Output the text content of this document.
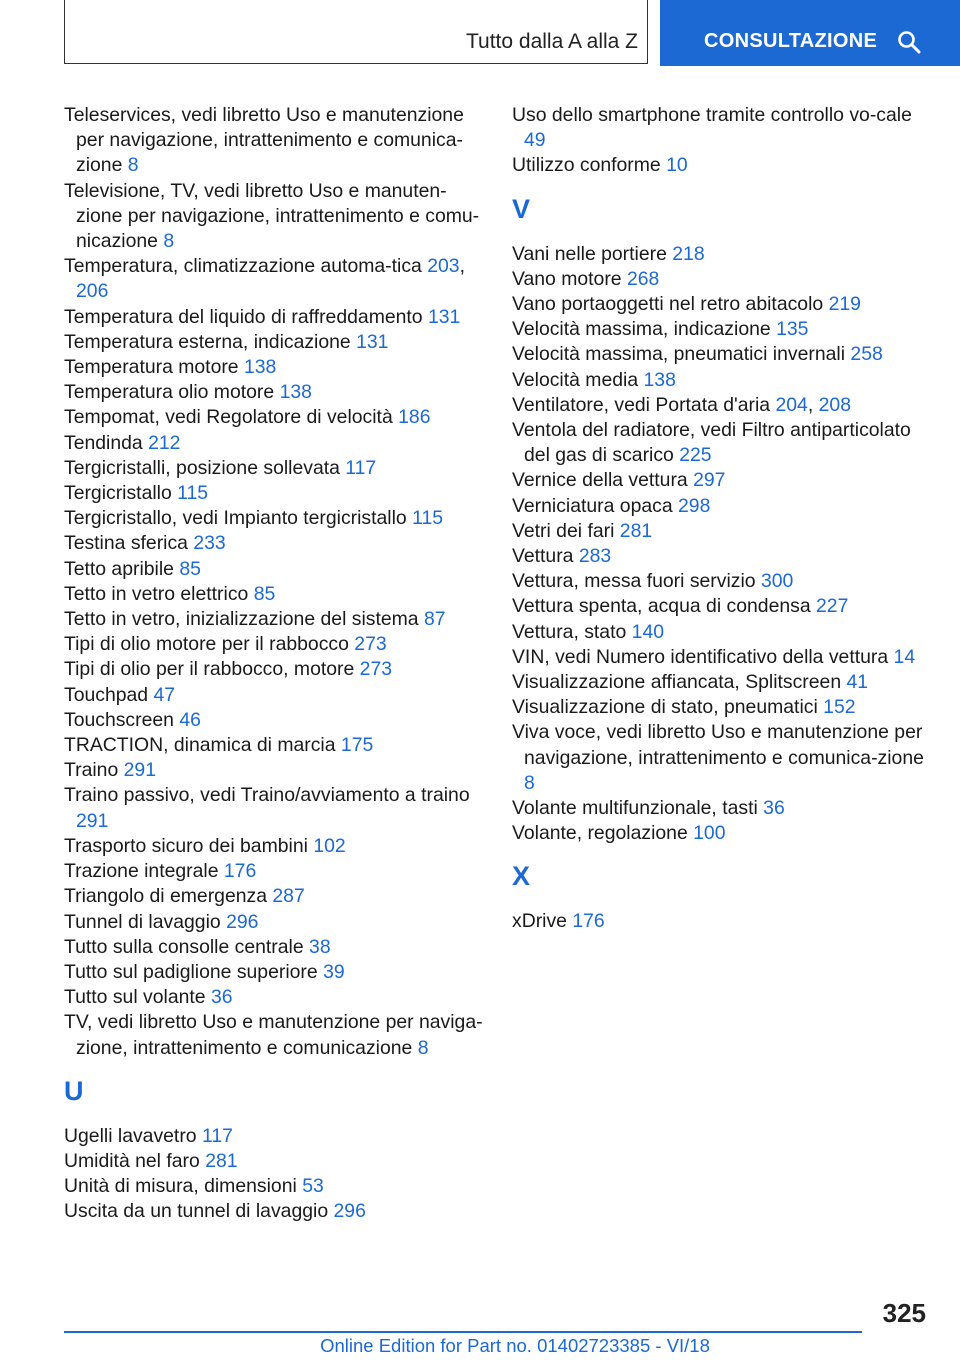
Tutto dalla A alla Z	CONSULTAZIONE
Teleservices, vedi libretto Uso e manutenzione per navigazione, intrattenimento e comunica‐zione 8
Televisione, TV, vedi libretto Uso e manuten‐zione per navigazione, intrattenimento e comu‐nicazione 8
Temperatura, climatizzazione automa‐tica 203, 206
Temperatura del liquido di raffreddamento 131
Temperatura esterna, indicazione 131
Temperatura motore 138
Temperatura olio motore 138
Tempomat, vedi Regolatore di velocità 186
Tendinda 212
Tergicristalli, posizione sollevata 117
Tergicristallo 115
Tergicristallo, vedi Impianto tergicristallo 115
Testina sferica 233
Tetto apribile 85
Tetto in vetro elettrico 85
Tetto in vetro, inizializzazione del sistema 87
Tipi di olio motore per il rabbocco 273
Tipi di olio per il rabbocco, motore 273
Touchpad 47
Touchscreen 46
TRACTION, dinamica di marcia 175
Traino 291
Traino passivo, vedi Traino/avviamento a traino 291
Trasporto sicuro dei bambini 102
Trazione integrale 176
Triangolo di emergenza 287
Tunnel di lavaggio 296
Tutto sulla consolle centrale 38
Tutto sul padiglione superiore 39
Tutto sul volante 36
TV, vedi libretto Uso e manutenzione per naviga‐zione, intrattenimento e comunicazione 8
U
Ugelli lavavetro 117
Umidità nel faro 281
Unità di misura, dimensioni 53
Uscita da un tunnel di lavaggio 296
Uso dello smartphone tramite controllo vo‐cale 49
Utilizzo conforme 10
V
Vani nelle portiere 218
Vano motore 268
Vano portaoggetti nel retro abitacolo 219
Velocità massima, indicazione 135
Velocità massima, pneumatici invernali 258
Velocità media 138
Ventilatore, vedi Portata d'aria 204, 208
Ventola del radiatore, vedi Filtro antiparticolato del gas di scarico 225
Vernice della vettura 297
Verniciatura opaca 298
Vetri dei fari 281
Vettura 283
Vettura, messa fuori servizio 300
Vettura spenta, acqua di condensa 227
Vettura, stato 140
VIN, vedi Numero identificativo della vettura 14
Visualizzazione affiancata, Splitscreen 41
Visualizzazione di stato, pneumatici 152
Viva voce, vedi libretto Uso e manutenzione per navigazione, intrattenimento e comunica‐zione 8
Volante multifunzionale, tasti 36
Volante, regolazione 100
X
xDrive 176
325
Online Edition for Part no. 01402723385 - VI/18
